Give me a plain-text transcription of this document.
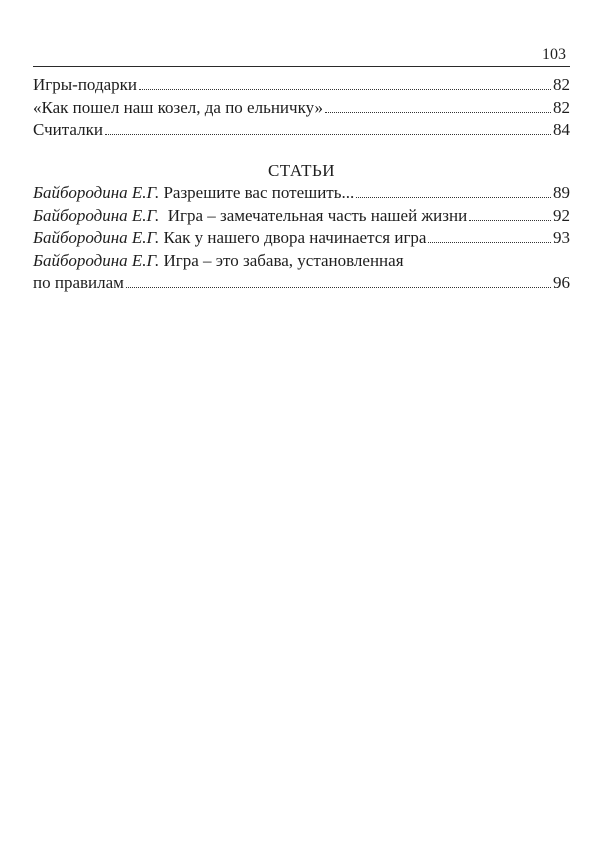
103
Игры-подарки	82
«Как пошел наш козел, да по ельничку»	82
Считалки	84
СТАТЬИ
Байбородина Е.Г. Разрешите вас потешить...	89
Байбородина Е.Г.  Игра – замечательная часть нашей жизни	92
Байбородина Е.Г. Как у нашего двора начинается игра	93
Байбородина Е.Г. Игра – это забава, установленная
по правилам	96
